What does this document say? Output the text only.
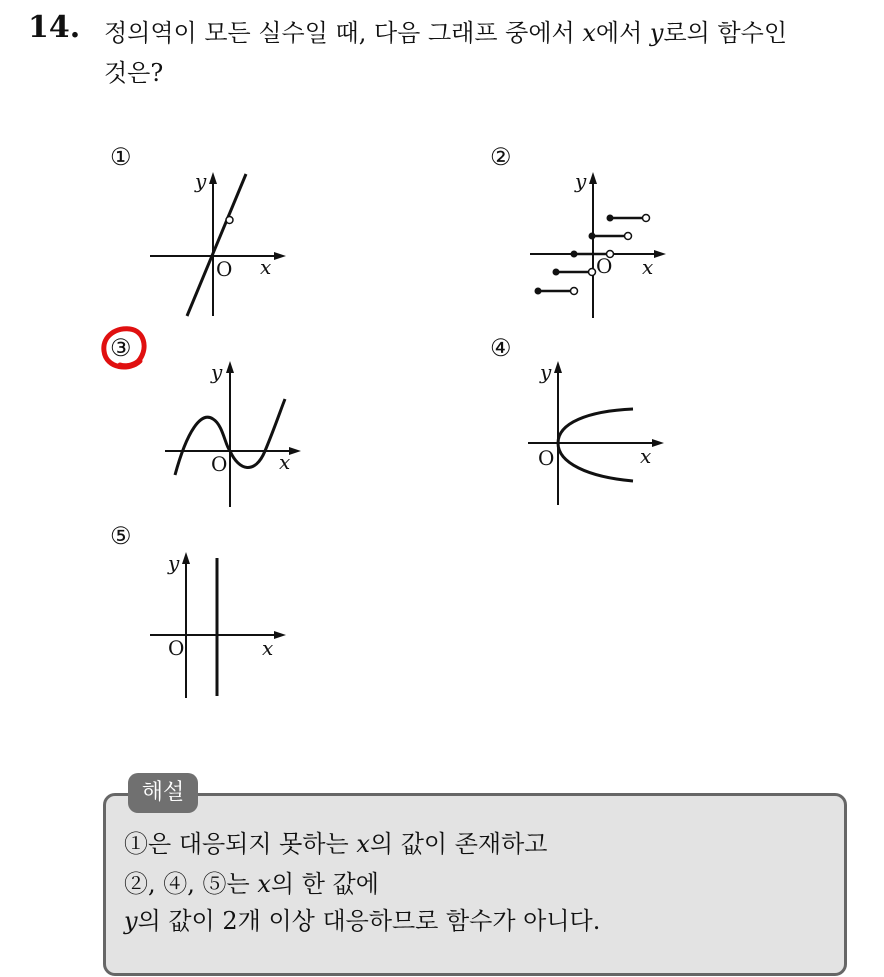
14. 정의역이 모든 실수일 때, 다음 그래프 중에서 x에서 y로의 함수인
것은?
①
O x
y
②
O x
y
③
O	x
y
④
O	x
y
⑤
O	x
y
해설
①은 대응되지 못하는 x의 값이 존재하고
②, ④, ⑤는 x의 한 값에
y의 값이 2개 이상 대응하므로 함수가 아니다.
